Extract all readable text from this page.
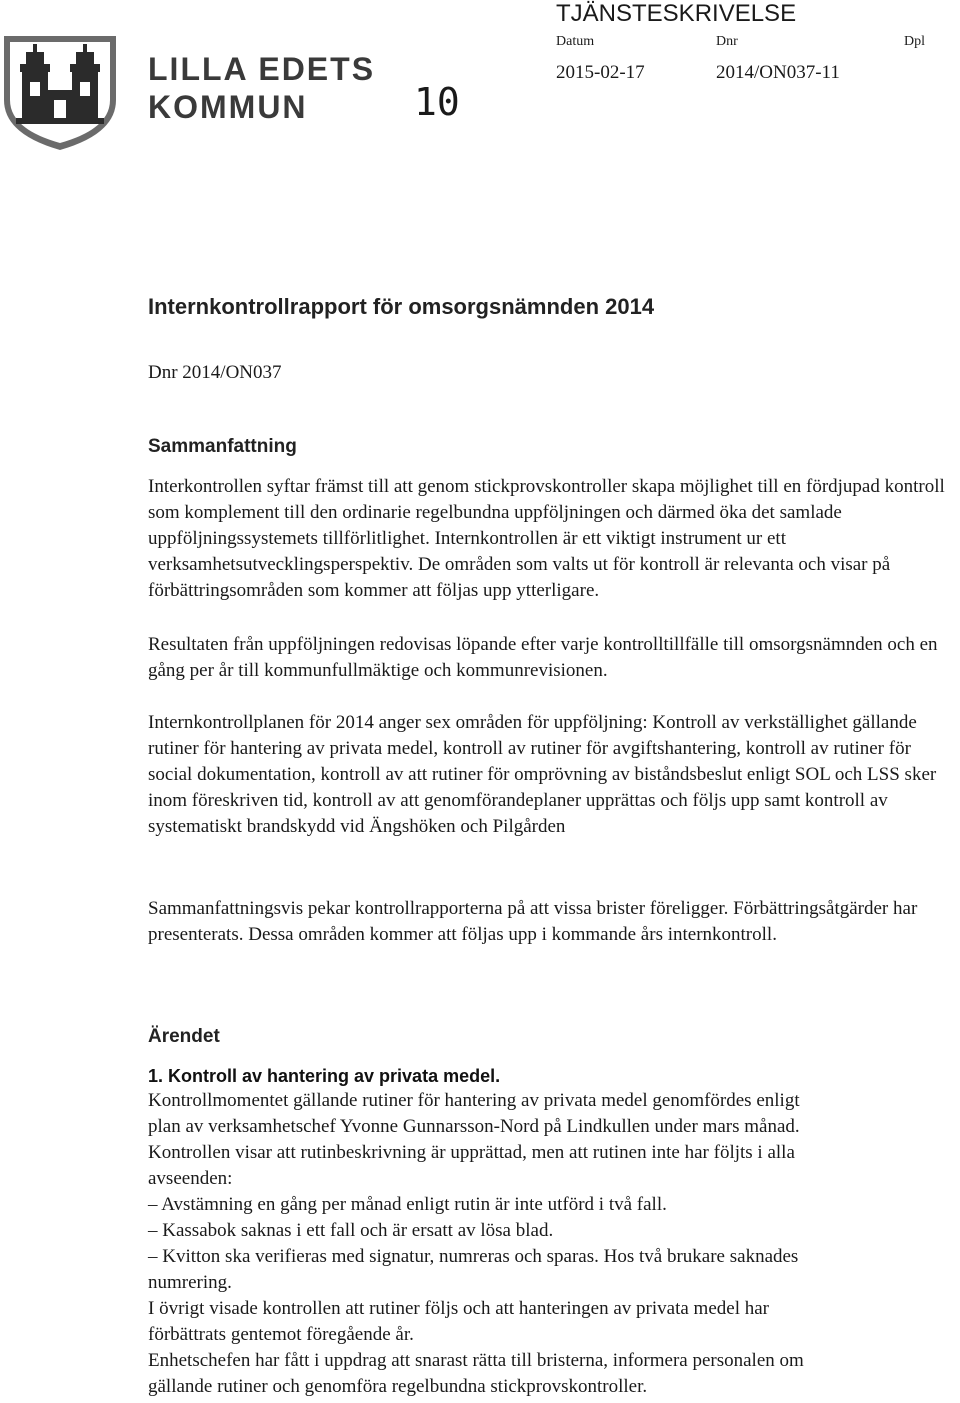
LILLA EDETS
KOMMUN	10
TJÄNSTESKRIVELSE
Datum	Dnr	Dpl
2015-02-17	2014/ON037-11
Internkontrollrapport för omsorgsnämnden 2014
Dnr 2014/ON037
Sammanfattning

Interkontrollen syftar främst till att genom stickprovskontroller skapa möjlighet till en fördjupad kontroll som komplement till den ordinarie regelbundna uppföljningen och därmed öka det samlade uppföljningssystemets tillförlitlighet. Internkontrollen är ett viktigt instrument ur ett verksamhetsutvecklingsperspektiv. De områden som valts ut för kontroll är relevanta och visar på förbättringsområden som kommer att följas upp ytterligare.

Resultaten från uppföljningen redovisas löpande efter varje kontrolltillfälle till omsorgsnämnden och en gång per år till kommunfullmäktige och kommunrevisionen.

Internkontrollplanen för 2014 anger sex områden för uppföljning: Kontroll av verkställighet gällande rutiner för hantering av privata medel, kontroll av rutiner för avgiftshantering, kontroll av rutiner för social dokumentation, kontroll av att rutiner för omprövning av biståndsbeslut enligt SOL och LSS sker inom föreskriven tid, kontroll av att genomförandeplaner upprättas och följs upp samt kontroll av systematiskt brandskydd vid Ängshöken och Pilgården

Sammanfattningsvis pekar kontrollrapporterna på att vissa brister föreligger. Förbättringsåtgärder har presenterats. Dessa områden kommer att följas upp i kommande års internkontroll.

Ärendet
1. Kontroll av hantering av privata medel.
Kontrollmomentet gällande rutiner för hantering av privata medel genomfördes enligt
plan av verksamhetschef Yvonne Gunnarsson-Nord på Lindkullen under mars månad.
Kontrollen visar att rutinbeskrivning är upprättad, men att rutinen inte har följts i alla
avseenden:
– Avstämning en gång per månad enligt rutin är inte utförd i två fall.
– Kassabok saknas i ett fall och är ersatt av lösa blad.
– Kvitton ska verifieras med signatur, numreras och sparas. Hos två brukare saknades
numrering.
I övrigt visade kontrollen att rutiner följs och att hanteringen av privata medel har
förbättrats gentemot föregående år.
Enhetschefen har fått i uppdrag att snarast rätta till bristerna, informera personalen om
gällande rutiner och genomföra regelbundna stickprovskontroller.
